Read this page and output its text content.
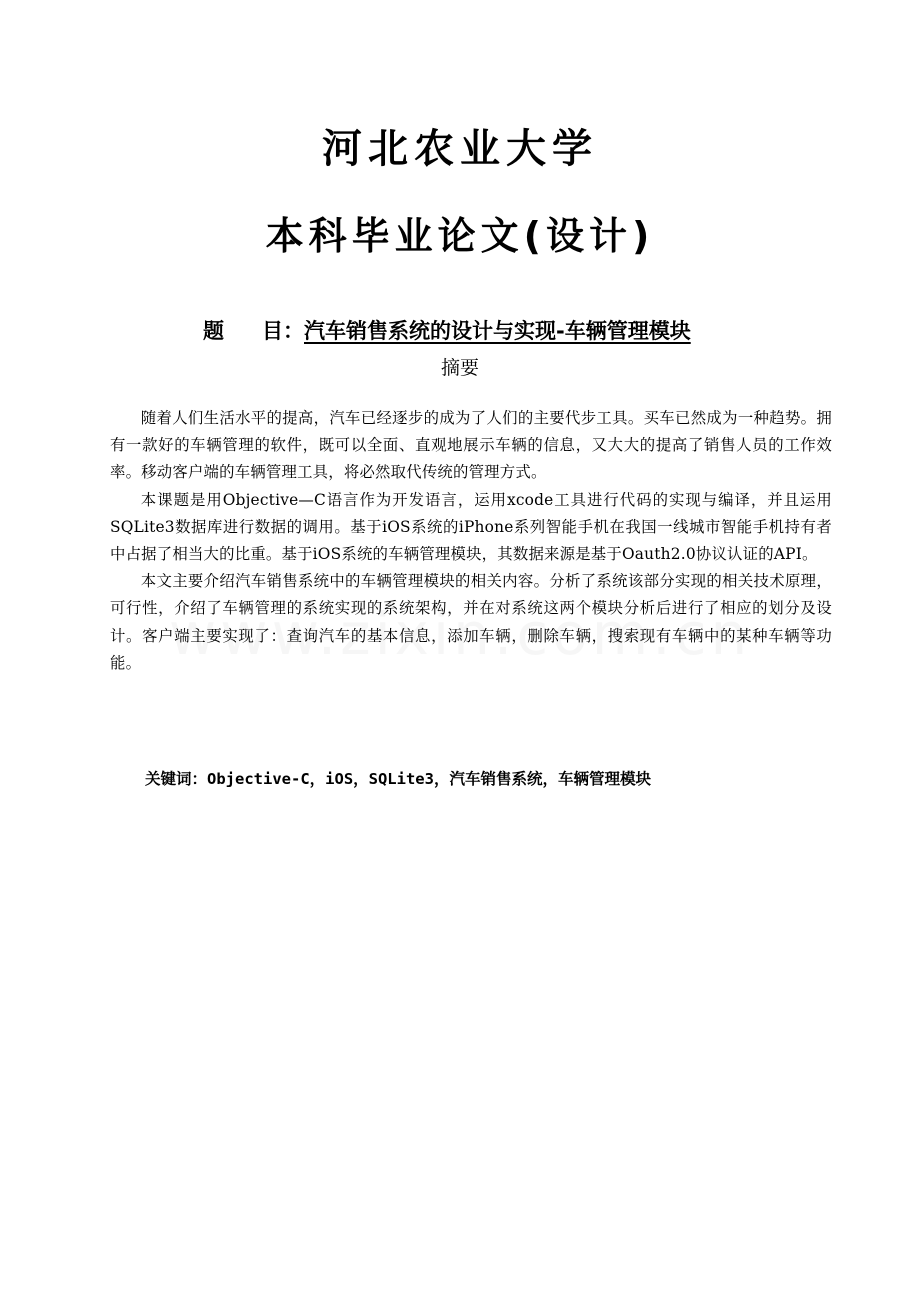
河北农业大学
本科毕业论文(设计)
题 目：汽车销售系统的设计与实现-车辆管理模块
摘要

随着人们生活水平的提高，汽车已经逐步的成为了人们的主要代步工具。买车已然成为一种趋势。拥有一款好的车辆管理的软件，既可以全面、直观地展示车辆的信息，又大大的提高了销售人员的工作效率。移动客户端的车辆管理工具，将必然取代传统的管理方式。

本课题是用Objective—C语言作为开发语言，运用xcode工具进行代码的实现与编译，并且运用SQLite3数据库进行数据的调用。基于iOS系统的iPhone系列智能手机在我国一线城市智能手机持有者中占据了相当大的比重。基于iOS系统的车辆管理模块，其数据来源是基于Oauth2.0协议认证的API。

本文主要介绍汽车销售系统中的车辆管理模块的相关内容。分析了系统该部分实现的相关技术原理，可行性，介绍了车辆管理的系统实现的系统架构，并在对系统这两个模块分析后进行了相应的划分及设计。客户端主要实现了：查询汽车的基本信息，添加车辆，删除车辆，搜索现有车辆中的某种车辆等功能。

关键词：Objective-C，iOS，SQLite3，汽车销售系统，车辆管理模块
